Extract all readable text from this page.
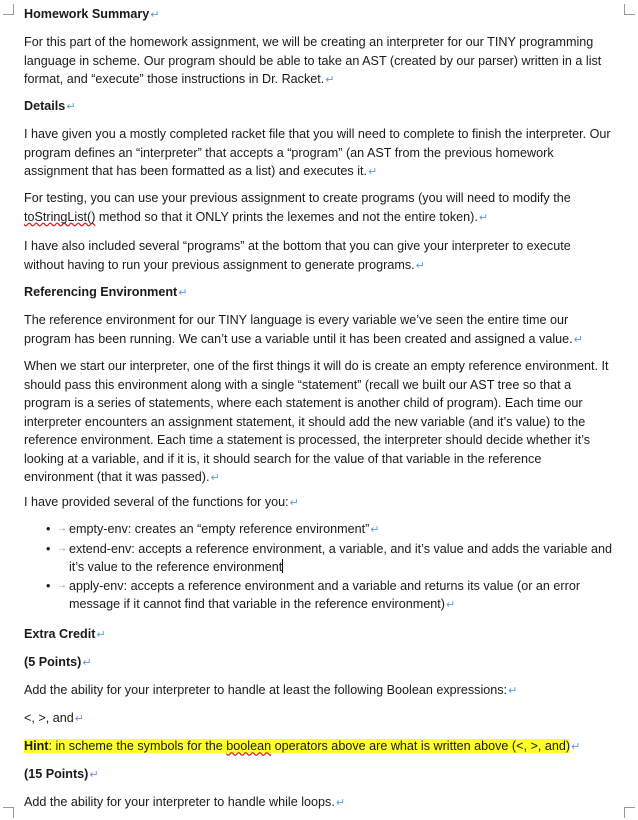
Homework Summary↵

For this part of the homework assignment, we will be creating an interpreter for our TINY programming language in scheme. Our program should be able to take an AST (created by our parser) written in a list format, and “execute” those instructions in Dr. Racket.↵

Details↵

I have given you a mostly completed racket file that you will need to complete to finish the interpreter. Our program defines an “interpreter” that accepts a “program” (an AST from the previous homework assignment that has been formatted as a list) and executes it.↵

For testing, you can use your previous assignment to create programs (you will need to modify the toStringList() method so that it ONLY prints the lexemes and not the entire token).↵

I have also included several “programs” at the bottom that you can give your interpreter to execute without having to run your previous assignment to generate programs.↵

Referencing Environment↵

The reference environment for our TINY language is every variable we’ve seen the entire time our program has been running. We can’t use a variable until it has been created and assigned a value.↵

When we start our interpreter, one of the first things it will do is create an empty reference environment. It should pass this environment along with a single “statement” (recall we built our AST tree so that a program is a series of statements, where each statement is another child of program). Each time our interpreter encounters an assignment statement, it should add the new variable (and it’s value) to the reference environment. Each time a statement is processed, the interpreter should decide whether it’s looking at a variable, and if it is, it should search for the value of that variable in the reference environment (that it was passed).↵

I have provided several of the functions for you:↵

• → empty-env: creates an “empty reference environment”↵

• → extend-env: accepts a reference environment, a variable, and it’s value and adds the variable and it’s value to the reference environment

• → apply-env: accepts a reference environment and a variable and returns its value (or an error message if it cannot find that variable in the reference environment)↵

Extra Credit↵

(5 Points)↵

Add the ability for your interpreter to handle at least the following Boolean expressions:↵

<, >, and↵

Hint: in scheme the symbols for the boolean operators above are what is written above (<, >, and)↵

(15 Points)↵

Add the ability for your interpreter to handle while loops.↵
